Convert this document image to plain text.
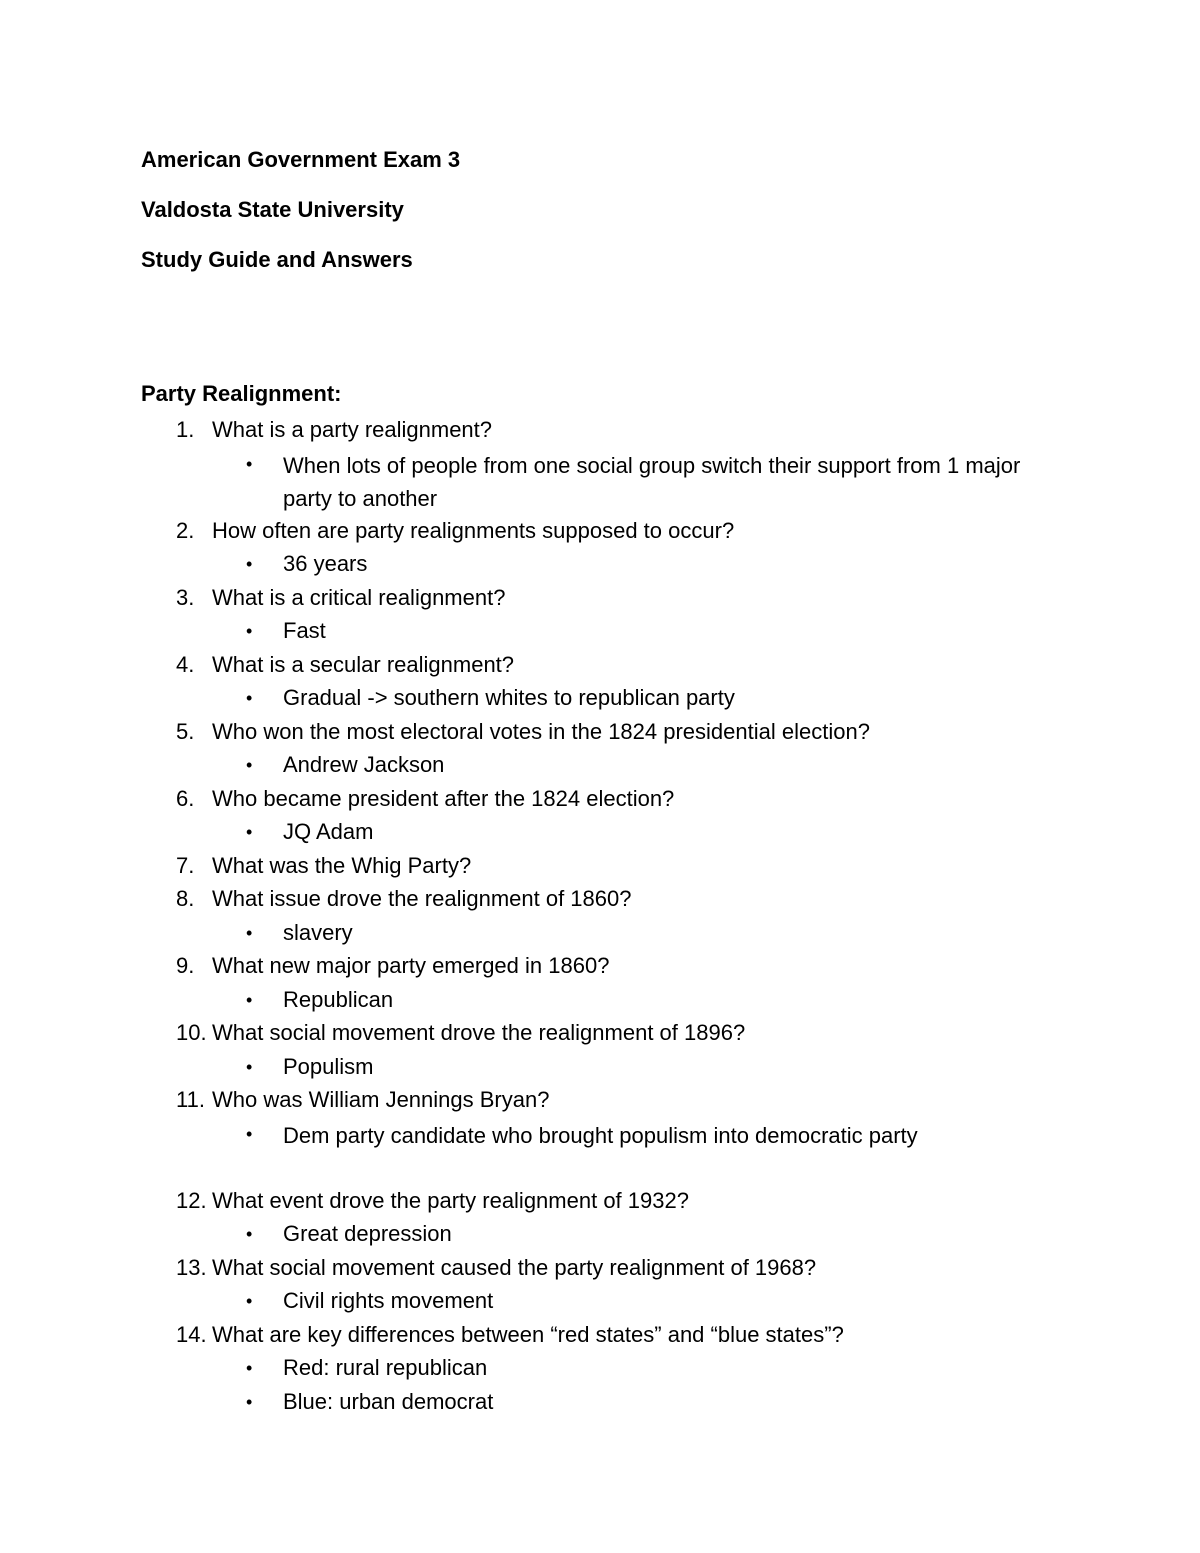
American Government Exam 3
Valdosta State University
Study Guide and Answers
Party Realignment:
1. What is a party realignment?
• When lots of people from one social group switch their support from 1 major party to another
2. How often are party realignments supposed to occur?
• 36 years
3. What is a critical realignment?
• Fast
4. What is a secular realignment?
• Gradual -> southern whites to republican party
5. Who won the most electoral votes in the 1824 presidential election?
• Andrew Jackson
6. Who became president after the 1824 election?
• JQ Adam
7. What was the Whig Party?
8. What issue drove the realignment of 1860?
• slavery
9. What new major party emerged in 1860?
• Republican
10. What social movement drove the realignment of 1896?
• Populism
11. Who was William Jennings Bryan?
• Dem party candidate who brought populism into democratic party
12. What event drove the party realignment of 1932?
• Great depression
13. What social movement caused the party realignment of 1968?
• Civil rights movement
14. What are key differences between “red states” and “blue states”?
• Red: rural republican
• Blue: urban democrat
